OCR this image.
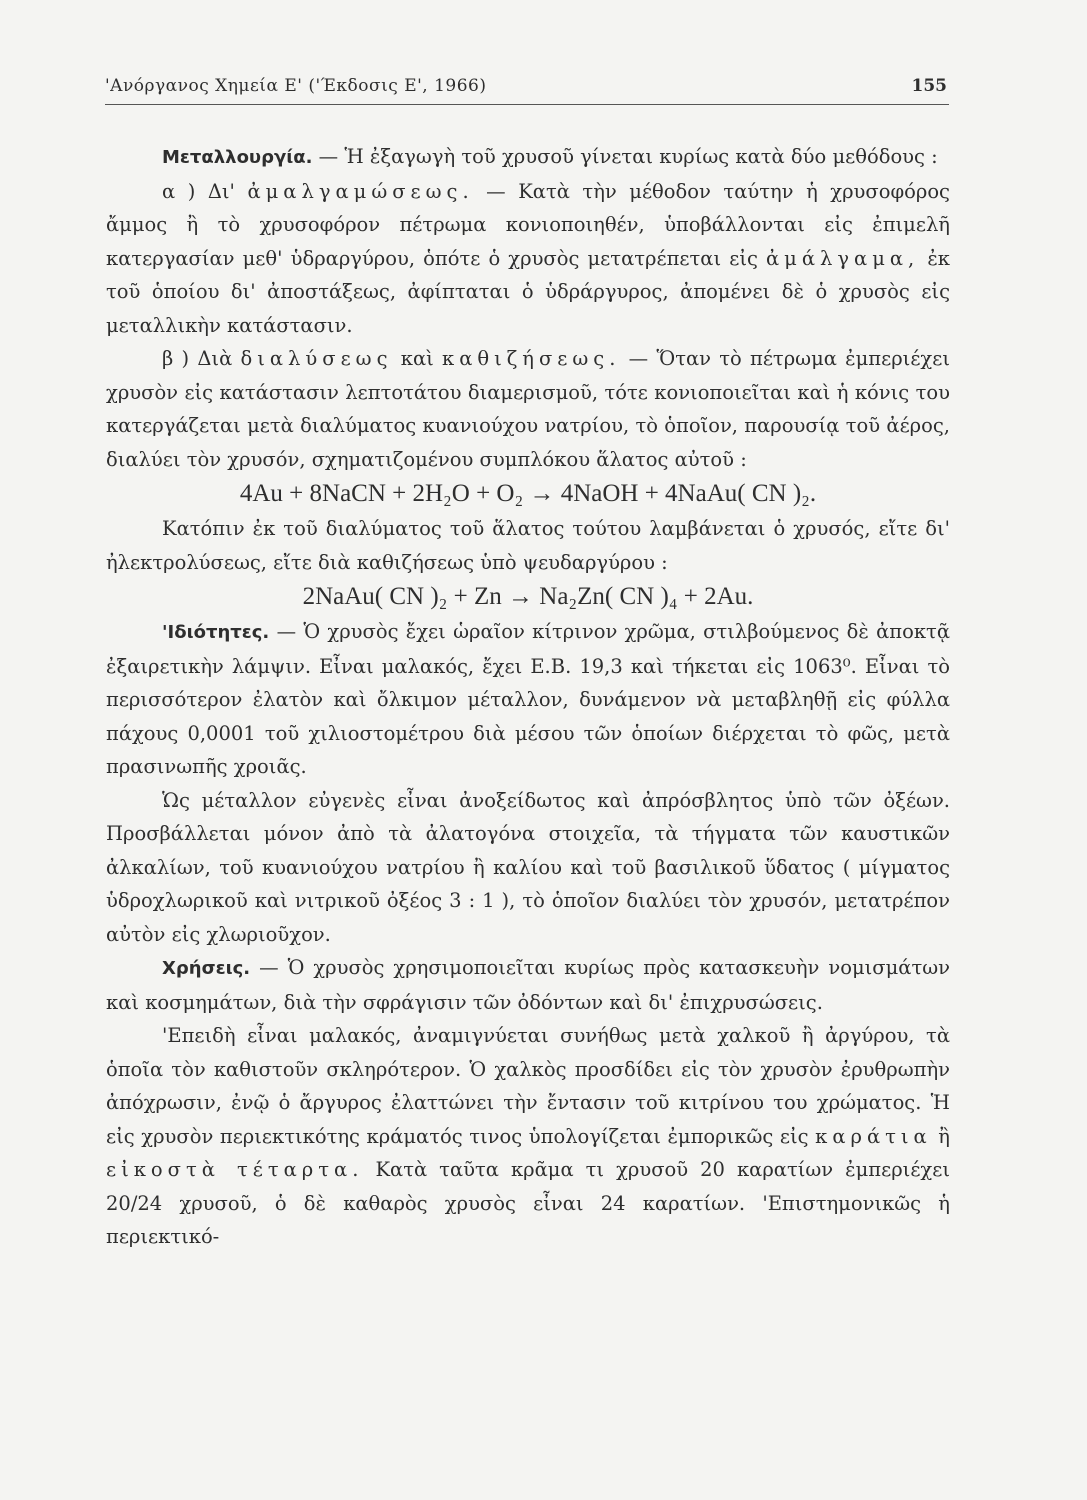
'Ανόργανος Χημεία Ε' ('Έκδοσις Ε', 1966)	155

Μεταλλουργία. — Ἡ ἐξαγωγὴ τοῦ χρυσοῦ γίνεται κυρίως κατὰ δύο μεθόδους :

α ) Δι' ἀμαλγαμώσεως. — Κατὰ τὴν μέθοδον ταύτην ἡ χρυσοφόρος ἄμμος ἢ τὸ χρυσοφόρον πέτρωμα κονιοποιηθέν, ὑποβάλλονται εἰς ἐπιμελῆ κατεργασίαν μεθ' ὑδραργύρου, ὁπότε ὁ χρυσὸς μετατρέπεται εἰς ἀμάλγαμα, ἐκ τοῦ ὁποίου δι' ἀποστάξεως, ἀφίπταται ὁ ὑδράργυρος, ἀπομένει δὲ ὁ χρυσὸς εἰς μεταλλικὴν κατάστασιν.

β ) Διὰ διαλύσεως καὶ καθιζήσεως. — Ὅταν τὸ πέτρωμα ἐμπεριέχει χρυσὸν εἰς κατάστασιν λεπτοτάτου διαμερισμοῦ, τότε κονιοποιεῖται καὶ ἡ κόνις του κατεργάζεται μετὰ διαλύματος κυανιούχου νατρίου, τὸ ὁποῖον, παρουσίᾳ τοῦ ἀέρος, διαλύει τὸν χρυσόν, σχηματιζομένου συμπλόκου ἅλατος αὐτοῦ :

4Au + 8NaCN + 2H₂O + O₂ → 4NaOH + 4NaAu( CN )₂.

Κατόπιν ἐκ τοῦ διαλύματος τοῦ ἅλατος τούτου λαμβάνεται ὁ χρυσός, εἴτε δι' ἠλεκτρολύσεως, εἴτε διὰ καθιζήσεως ὑπὸ ψευδαργύρου :

2NaAu( CN )₂ + Zn → Na₂Zn( CN )₄ + 2Au.

'Ιδιότητες. — Ὁ χρυσὸς ἔχει ὡραῖον κίτρινον χρῶμα, στιλβούμενος δὲ ἀποκτᾷ ἐξαιρετικὴν λάμψιν. Εἶναι μαλακός, ἔχει Ε.Β. 19,3 καὶ τήκεται εἰς 1063⁰. Εἶναι τὸ περισσότερον ἐλατὸν καὶ ὄλκιμον μέταλλον, δυνάμενον νὰ μεταβληθῇ εἰς φύλλα πάχους 0,0001 τοῦ χιλιοστομέτρου διὰ μέσου τῶν ὁποίων διέρχεται τὸ φῶς, μετὰ πρασινωπῆς χροιᾶς.

Ὡς μέταλλον εὐγενὲς εἶναι ἀνοξείδωτος καὶ ἀπρόσβλητος ὑπὸ τῶν ὀξέων. Προσβάλλεται μόνον ἀπὸ τὰ ἀλατογόνα στοιχεῖα, τὰ τήγματα τῶν καυστικῶν ἀλκαλίων, τοῦ κυανιούχου νατρίου ἢ καλίου καὶ τοῦ βασιλικοῦ ὕδατος ( μίγματος ὑδροχλωρικοῦ καὶ νιτρικοῦ ὀξέος 3 : 1 ), τὸ ὁποῖον διαλύει τὸν χρυσόν, μετατρέπον αὐτὸν εἰς χλωριοῦχον.

Χρήσεις. — Ὁ χρυσὸς χρησιμοποιεῖται κυρίως πρὸς κατασκευὴν νομισμάτων καὶ κοσμημάτων, διὰ τὴν σφράγισιν τῶν ὀδόντων καὶ δι' ἐπιχρυσώσεις.

'Επειδὴ εἶναι μαλακός, ἀναμιγνύεται συνήθως μετὰ χαλκοῦ ἢ ἀργύρου, τὰ ὁποῖα τὸν καθιστοῦν σκληρότερον. Ὁ χαλκὸς προσδίδει εἰς τὸν χρυσὸν ἐρυθρωπὴν ἀπόχρωσιν, ἐνῷ ὁ ἄργυρος ἐλαττώνει τὴν ἔντασιν τοῦ κιτρίνου του χρώματος. Ἡ εἰς χρυσὸν περιεκτικότης κράματός τινος ὑπολογίζεται ἐμπορικῶς εἰς καράτια ἢ εἰκοστὰ τέταρτα. Κατὰ ταῦτα κρᾶμα τι χρυσοῦ 20 καρατίων ἐμπεριέχει 20/24 χρυσοῦ, ὁ δὲ καθαρὸς χρυσὸς εἶναι 24 καρατίων. 'Επιστημονικῶς ἡ περιεκτικό-
